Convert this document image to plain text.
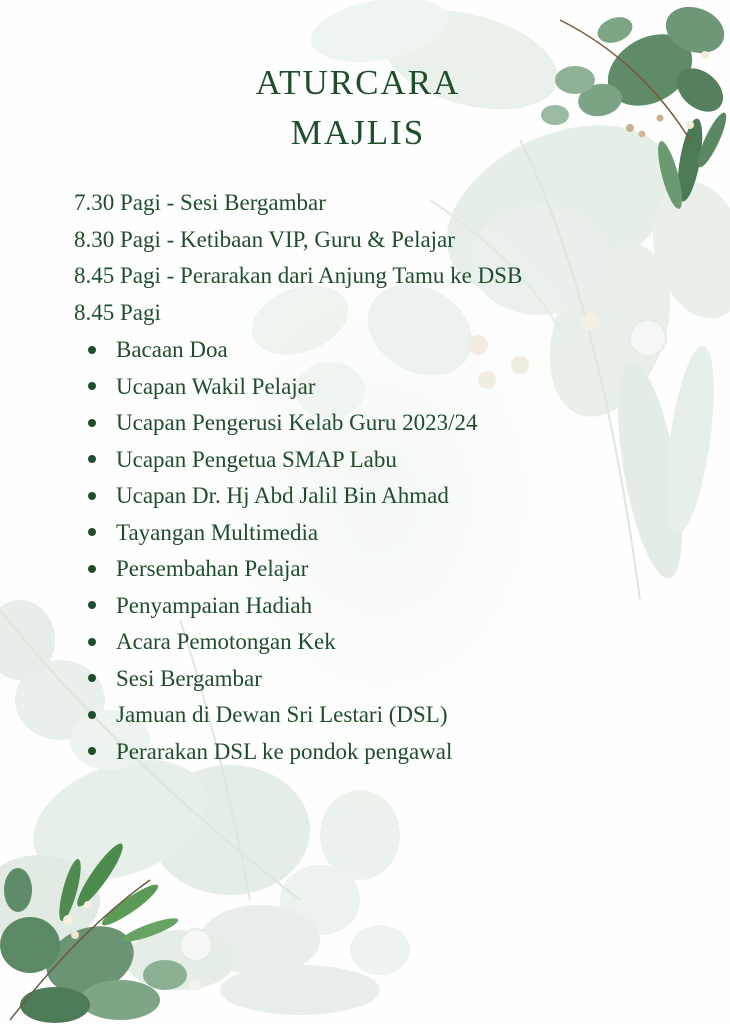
ATURCARA
MAJLIS
7.30 Pagi - Sesi Bergambar
8.30 Pagi - Ketibaan VIP, Guru & Pelajar
8.45 Pagi - Perarakan dari Anjung Tamu ke DSB
8.45 Pagi
Bacaan Doa
Ucapan Wakil Pelajar
Ucapan Pengerusi Kelab Guru 2023/24
Ucapan Pengetua SMAP Labu
Ucapan Dr. Hj Abd Jalil Bin Ahmad
Tayangan Multimedia
Persembahan Pelajar
Penyampaian Hadiah
Acara Pemotongan Kek
Sesi Bergambar
Jamuan di Dewan Sri Lestari (DSL)
Perarakan DSL ke pondok pengawal
